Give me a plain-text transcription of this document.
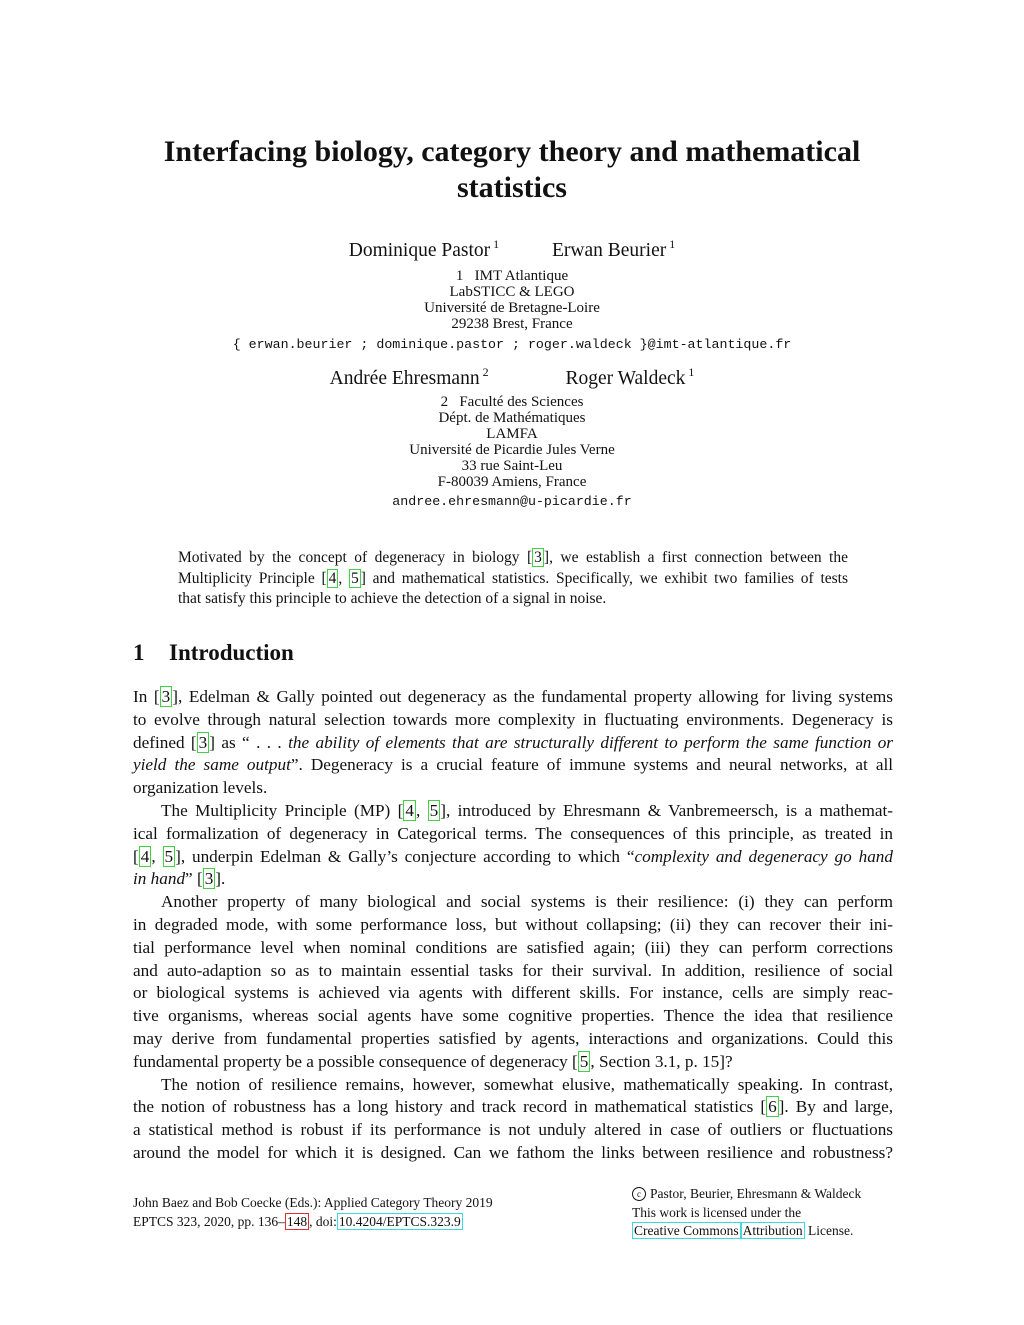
Interfacing biology, category theory and mathematical
statistics
Dominique Pastor $^1$	Erwan Beurier $^1$
1   IMT Atlantique
LabSTICC & LEGO
Université de Bretagne-Loire
29238 Brest, France
{ erwan.beurier ; dominique.pastor ; roger.waldeck }@imt-atlantique.fr
Andrée Ehresmann $^2$	Roger Waldeck $^1$
2   Faculté des Sciences
Dépt. de Mathématiques
LAMFA
Université de Picardie Jules Verne
33 rue Saint-Leu
F-80039 Amiens, France
andree.ehresmann@u-picardie.fr
Motivated by the concept of degeneracy in biology [ 3 ], we establish a first connection between the
Multiplicity Principle [ 4 , 5 ] and mathematical statistics. Specifically, we exhibit two families of tests
that satisfy this principle to achieve the detection of a signal in noise.
1 Introduction
In [ 3 ], Edelman & Gally pointed out degeneracy as the fundamental property allowing for living systems
to evolve through natural selection towards more complexity in fluctuating environments. Degeneracy is
defined [ 3 ] as “ . . . the ability of elements that are structurally different to perform the same function or
yield the same output”. Degeneracy is a crucial feature of immune systems and neural networks, at all
organization levels.
The Multiplicity Principle (MP) [ 4 , 5 ], introduced by Ehresmann & Vanbremeersch, is a mathemat-
ical formalization of degeneracy in Categorical terms. The consequences of this principle, as treated in
[ 4 , 5 ], underpin Edelman & Gally’s conjecture according to which “complexity and degeneracy go hand
in hand” [ 3 ].
Another property of many biological and social systems is their resilience: (i) they can perform
in degraded mode, with some performance loss, but without collapsing; (ii) they can recover their ini-
tial performance level when nominal conditions are satisfied again; (iii) they can perform corrections
and auto-adaption so as to maintain essential tasks for their survival. In addition, resilience of social
or biological systems is achieved via agents with different skills. For instance, cells are simply reac-
tive organisms, whereas social agents have some cognitive properties. Thence the idea that resilience
may derive from fundamental properties satisfied by agents, interactions and organizations. Could this
fundamental property be a possible consequence of degeneracy [ 5 , Section 3.1, p. 15]?
The notion of resilience remains, however, somewhat elusive, mathematically speaking. In contrast,
the notion of robustness has a long history and track record in mathematical statistics [ 6 ]. By and large,
a statistical method is robust if its performance is not unduly altered in case of outliers or fluctuations
around the model for which it is designed. Can we fathom the links between resilience and robustness?
John Baez and Bob Coecke (Eds.): Applied Category Theory 2019
EPTCS 323, 2020, pp. 136– 148 , doi: 10.4204/EPTCS.323.9
c Pastor, Beurier, Ehresmann & Waldeck
This work is licensed under the
Creative Commons Attribution License.
